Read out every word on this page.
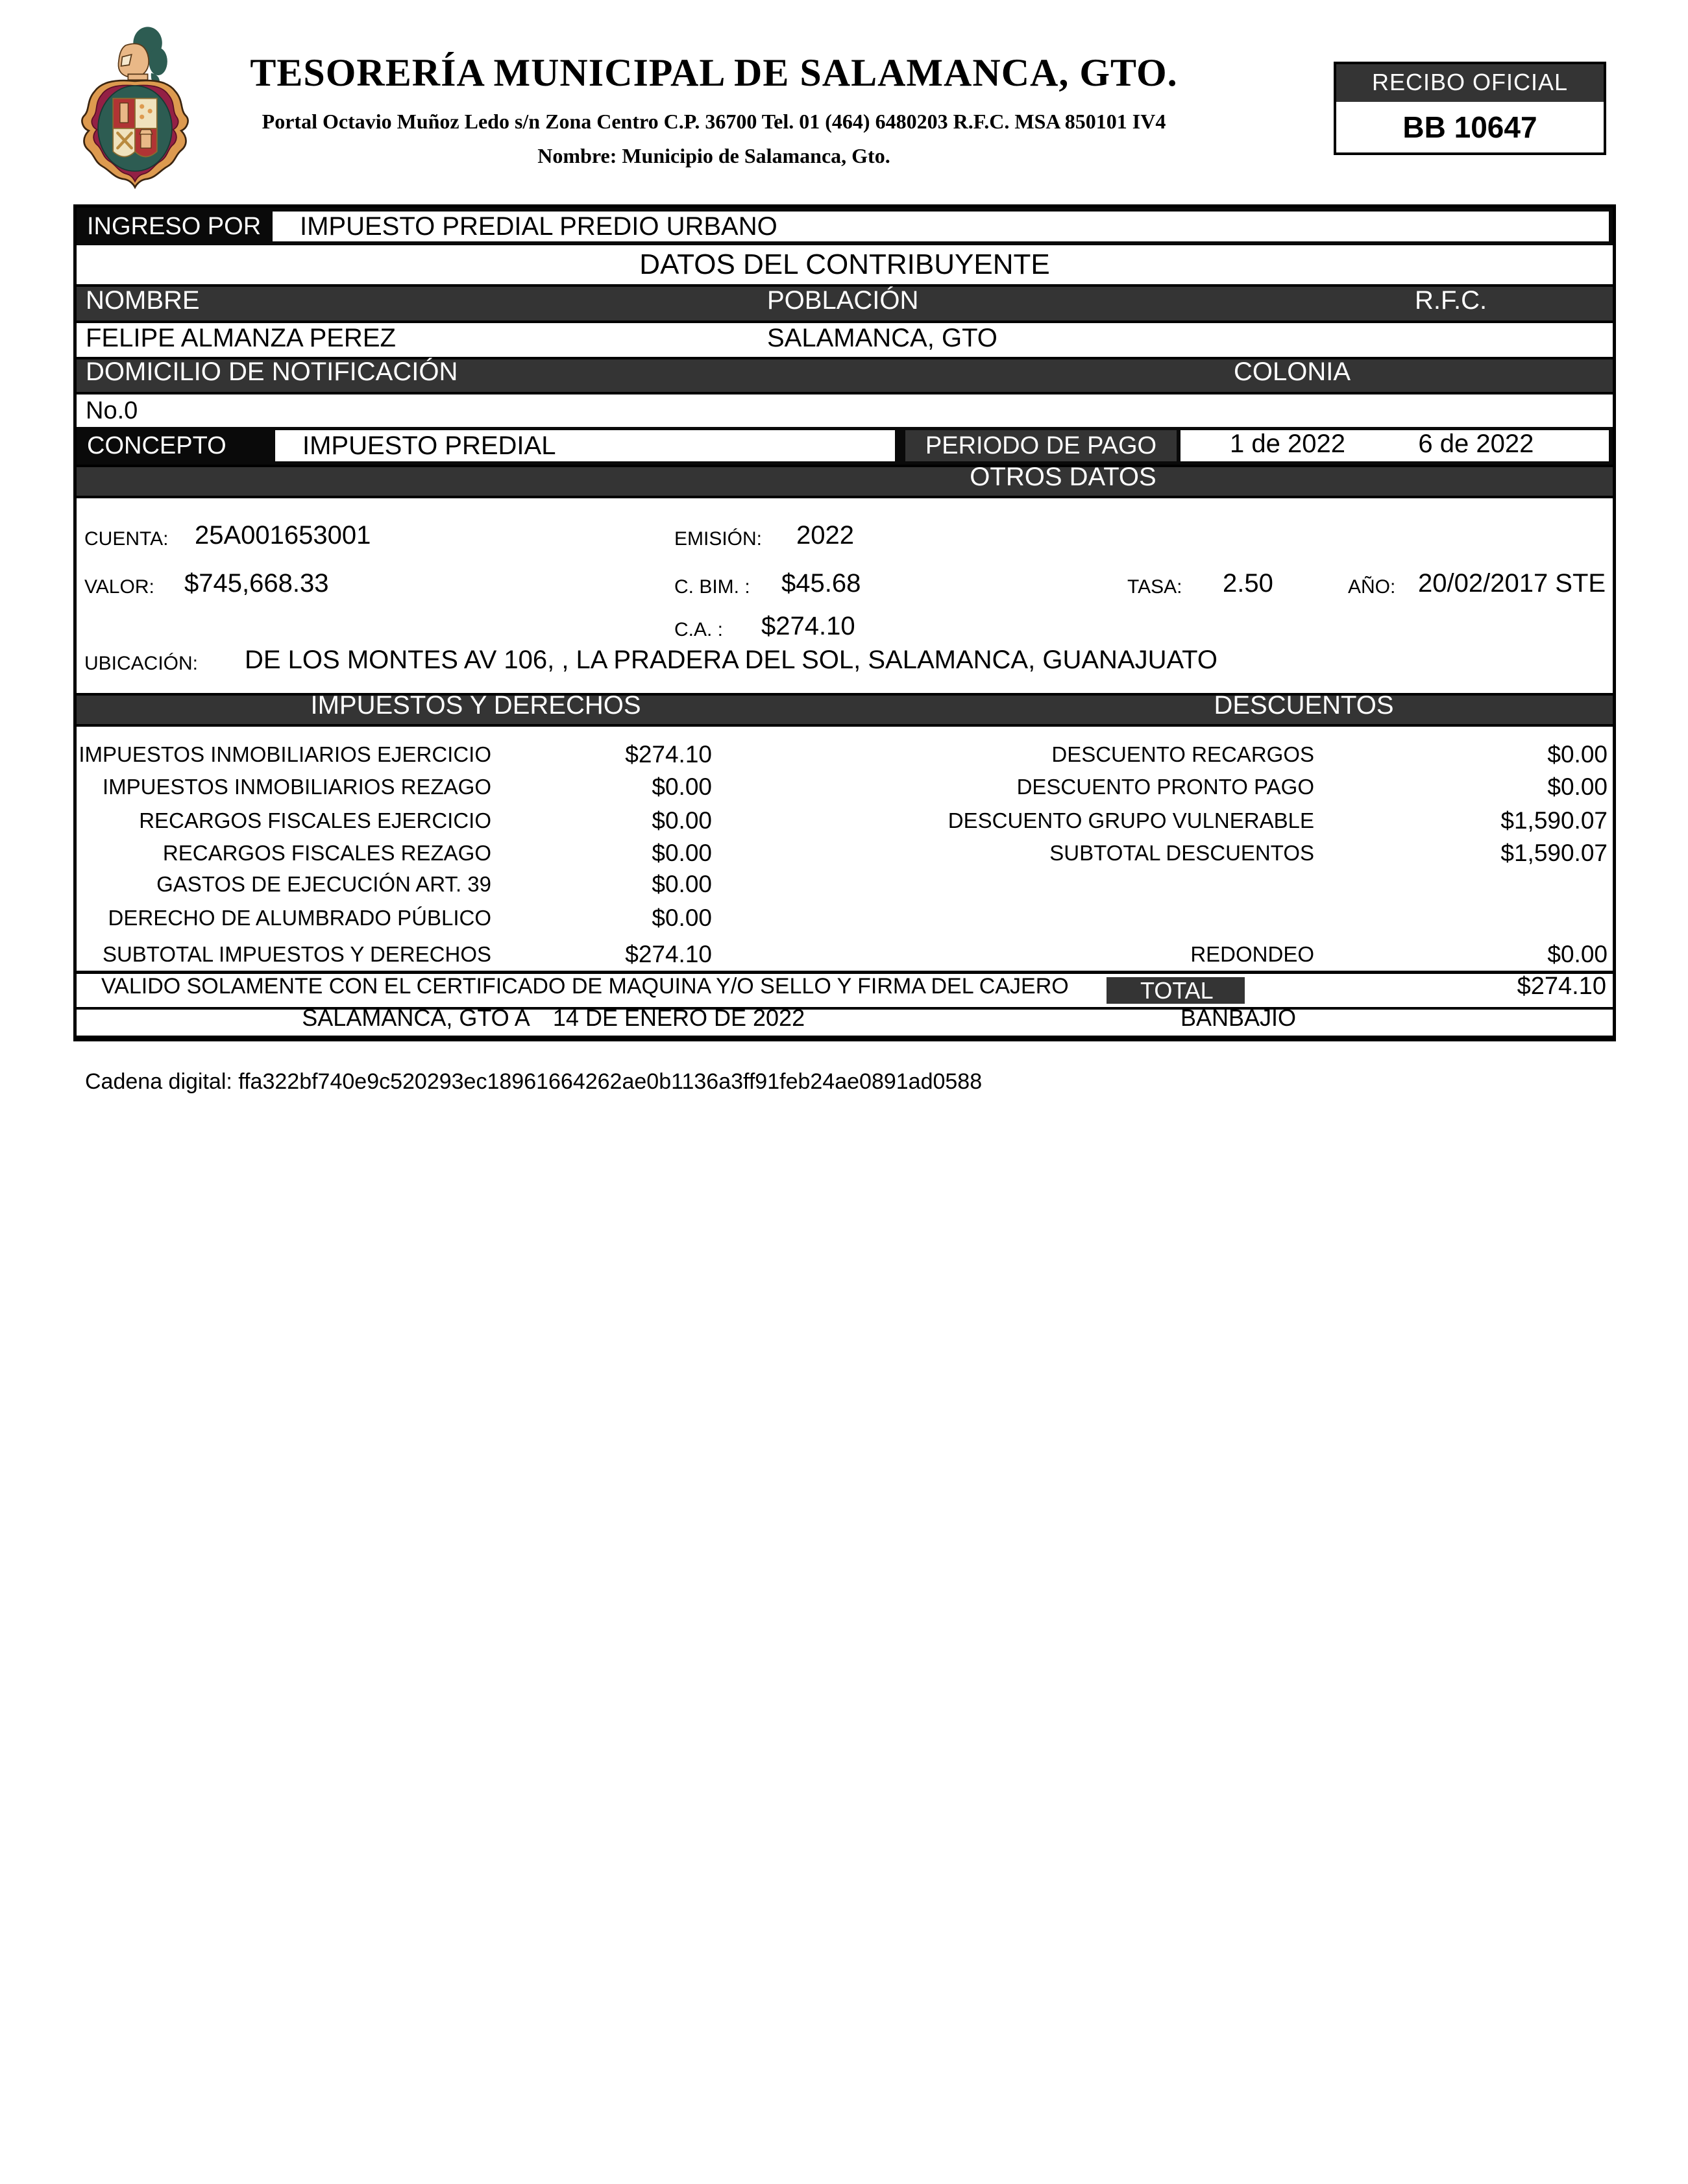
TESORERÍA MUNICIPAL DE SALAMANCA, GTO.
Portal Octavio Muñoz Ledo s/n Zona Centro C.P. 36700 Tel. 01 (464) 6480203 R.F.C. MSA 850101 IV4
Nombre: Municipio de Salamanca, Gto.
RECIBO OFICIAL
BB 10647
INGRESO POR	IMPUESTO PREDIAL PREDIO URBANO
DATOS DEL CONTRIBUYENTE
NOMBRE	POBLACIÓN	R.F.C.
FELIPE ALMANZA PEREZ	SALAMANCA, GTO
DOMICILIO DE NOTIFICACIÓN	COLONIA
No.0
CONCEPTO	IMPUESTO PREDIAL	PERIODO DE PAGO	1 de 2022	6 de 2022
OTROS DATOS
CUENTA: 25A001653001	EMISIÓN: 2022
VALOR: $745,668.33	C. BIM. : $45.68	TASA: 2.50	AÑO: 20/02/2017 STE
C.A. : $274.10
UBICACIÓN: DE LOS MONTES AV 106, , LA PRADERA DEL SOL, SALAMANCA, GUANAJUATO
IMPUESTOS Y DERECHOS	DESCUENTOS
IMPUESTOS INMOBILIARIOS EJERCICIO	$274.10	DESCUENTO RECARGOS	$0.00
IMPUESTOS INMOBILIARIOS REZAGO	$0.00	DESCUENTO PRONTO PAGO	$0.00
RECARGOS FISCALES EJERCICIO	$0.00	DESCUENTO GRUPO VULNERABLE	$1,590.07
RECARGOS FISCALES REZAGO	$0.00	SUBTOTAL DESCUENTOS	$1,590.07
GASTOS DE EJECUCIÓN ART. 39	$0.00
DERECHO DE ALUMBRADO PÚBLICO	$0.00
SUBTOTAL IMPUESTOS Y DERECHOS	$274.10	REDONDEO	$0.00
VALIDO SOLAMENTE CON EL CERTIFICADO DE MAQUINA Y/O SELLO Y FIRMA DEL CAJERO	TOTAL	$274.10
SALAMANCA, GTO A 14 DE ENERO DE 2022	BANBAJIO
Cadena digital: ffa322bf740e9c520293ec18961664262ae0b1136a3ff91feb24ae0891ad0588
